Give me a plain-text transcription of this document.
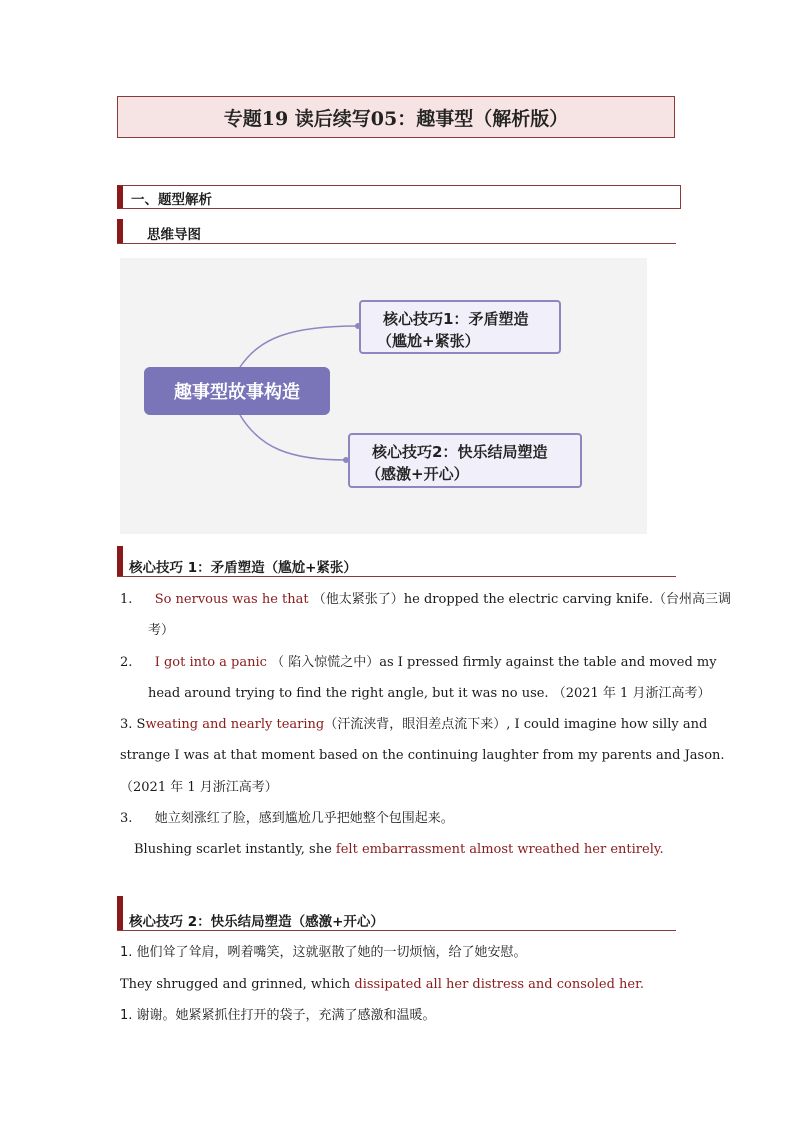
专题19 读后续写05：趣事型（解析版）
一、题型解析
思维导图
趣事型故事构造
核心技巧1：矛盾塑造
（尴尬+紧张）
核心技巧2：快乐结局塑造
（感激+开心）
核心技巧 1：矛盾塑造（尴尬+紧张）
1. So nervous was he that （他太紧张了）he dropped the electric carving knife.（台州高三调
考）
2. I got into a panic （ 陷入惊慌之中）as I pressed firmly against the table and moved my
head around trying to find the right angle, but it was no use. （2021 年 1 月浙江高考）
3. Sweating and nearly tearing（汗流浃背，眼泪差点流下来）, I could imagine how silly and
strange I was at that moment based on the continuing laughter from my parents and Jason.
（2021 年 1 月浙江高考）
3. 她立刻涨红了脸，感到尴尬几乎把她整个包围起来。
Blushing scarlet instantly, she felt embarrassment almost wreathed her entirely.
核心技巧 2：快乐结局塑造（感激+开心）
1. 他们耸了耸肩，咧着嘴笑，这就驱散了她的一切烦恼，给了她安慰。
They shrugged and grinned, which dissipated all her distress and consoled her.
1. 谢谢。她紧紧抓住打开的袋子，充满了感激和温暖。
